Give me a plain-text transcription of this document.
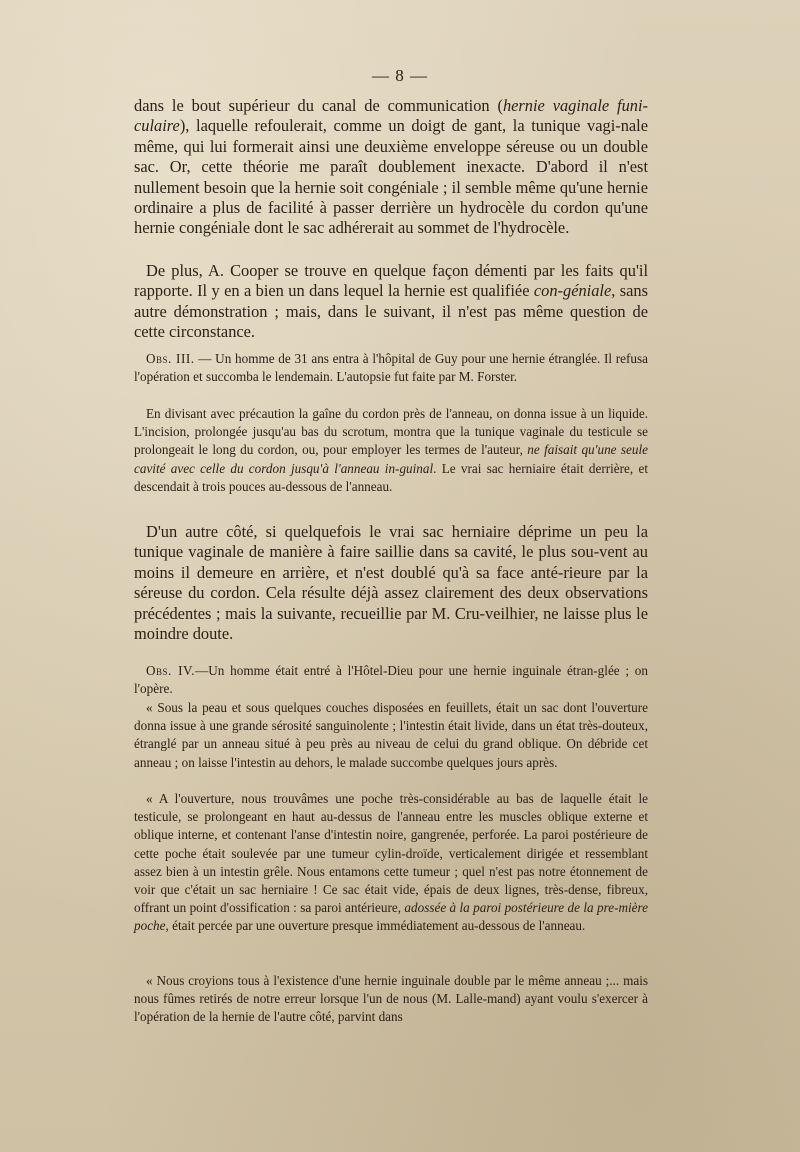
— 8 —

dans le bout supérieur du canal de communication (hernie vaginale funi-culaire), laquelle refoulerait, comme un doigt de gant, la tunique vagi-nale même, qui lui formerait ainsi une deuxième enveloppe séreuse ou un double sac. Or, cette théorie me paraît doublement inexacte. D'abord il n'est nullement besoin que la hernie soit congéniale ; il semble même qu'une hernie ordinaire a plus de facilité à passer derrière un hydrocèle du cordon qu'une hernie congéniale dont le sac adhérerait au sommet de l'hydrocèle.

De plus, A. Cooper se trouve en quelque façon démenti par les faits qu'il rapporte. Il y en a bien un dans lequel la hernie est qualifiée con-géniale, sans autre démonstration ; mais, dans le suivant, il n'est pas même question de cette circonstance.

Obs. III. — Un homme de 31 ans entra à l'hôpital de Guy pour une hernie étranglée. Il refusa l'opération et succomba le lendemain. L'autopsie fut faite par M. Forster.

En divisant avec précaution la gaîne du cordon près de l'anneau, on donna issue à un liquide. L'incision, prolongée jusqu'au bas du scrotum, montra que la tunique vaginale du testicule se prolongeait le long du cordon, ou, pour employer les termes de l'auteur, ne faisait qu'une seule cavité avec celle du cordon jusqu'à l'anneau in-guinal. Le vrai sac herniaire était derrière, et descendait à trois pouces au-dessous de l'anneau.

D'un autre côté, si quelquefois le vrai sac herniaire déprime un peu la tunique vaginale de manière à faire saillie dans sa cavité, le plus sou-vent au moins il demeure en arrière, et n'est doublé qu'à sa face anté-rieure par la séreuse du cordon. Cela résulte déjà assez clairement des deux observations précédentes ; mais la suivante, recueillie par M. Cru-veilhier, ne laisse plus le moindre doute.

Obs. IV.—Un homme était entré à l'Hôtel-Dieu pour une hernie inguinale étran-glée ; on l'opère.

« Sous la peau et sous quelques couches disposées en feuillets, était un sac dont l'ouverture donna issue à une grande sérosité sanguinolente ; l'intestin était livide, dans un état très-douteux, étranglé par un anneau situé à peu près au niveau de celui du grand oblique. On débride cet anneau ; on laisse l'intestin au dehors, le malade succombe quelques jours après.

« A l'ouverture, nous trouvâmes une poche très-considérable au bas de laquelle était le testicule, se prolongeant en haut au-dessus de l'anneau entre les muscles oblique externe et oblique interne, et contenant l'anse d'intestin noire, gangrenée, perforée. La paroi postérieure de cette poche était soulevée par une tumeur cylin-droïde, verticalement dirigée et ressemblant assez bien à un intestin grêle. Nous entamons cette tumeur ; quel n'est pas notre étonnement de voir que c'était un sac herniaire ! Ce sac était vide, épais de deux lignes, très-dense, fibreux, offrant un point d'ossification : sa paroi antérieure, adossée à la paroi postérieure de la pre-mière poche, était percée par une ouverture presque immédiatement au-dessous de l'anneau.

« Nous croyions tous à l'existence d'une hernie inguinale double par le même anneau ;... mais nous fûmes retirés de notre erreur lorsque l'un de nous (M. Lalle-mand) ayant voulu s'exercer à l'opération de la hernie de l'autre côté, parvint dans
